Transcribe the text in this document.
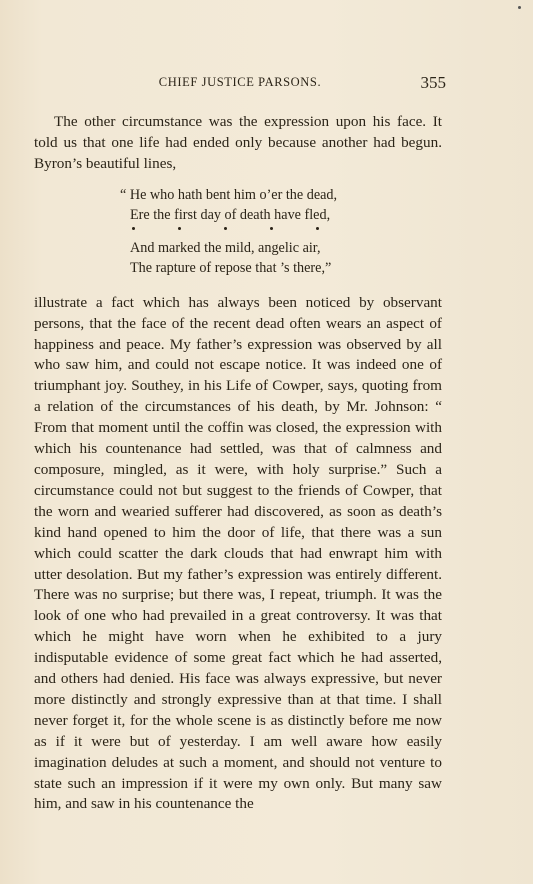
CHIEF JUSTICE PARSONS.	355

The other circumstance was the expression upon his face. It told us that one life had ended only because another had begun. Byron’s beautiful lines,

“ He who hath bent him o’er the dead,
Ere the first day of death have fled,
And marked the mild, angelic air,
The rapture of repose that ’s there,”

illustrate a fact which has always been noticed by observant persons, that the face of the recent dead often wears an aspect of happiness and peace. My father’s expression was observed by all who saw him, and could not escape notice. It was indeed one of triumphant joy. Southey, in his Life of Cowper, says, quoting from a relation of the circumstances of his death, by Mr. Johnson: “ From that moment until the coffin was closed, the expression with which his countenance had settled, was that of calmness and composure, mingled, as it were, with holy surprise.” Such a circumstance could not but suggest to the friends of Cowper, that the worn and wearied sufferer had discovered, as soon as death’s kind hand opened to him the door of life, that there was a sun which could scatter the dark clouds that had enwrapt him with utter desolation. But my father’s expression was entirely different. There was no surprise; but there was, I repeat, triumph. It was the look of one who had prevailed in a great controversy. It was that which he might have worn when he exhibited to a jury indisputable evidence of some great fact which he had asserted, and others had denied. His face was always expressive, but never more distinctly and strongly expressive than at that time. I shall never forget it, for the whole scene is as distinctly before me now as if it were but of yesterday. I am well aware how easily imagination deludes at such a moment, and should not venture to state such an impression if it were my own only. But many saw him, and saw in his countenance the
